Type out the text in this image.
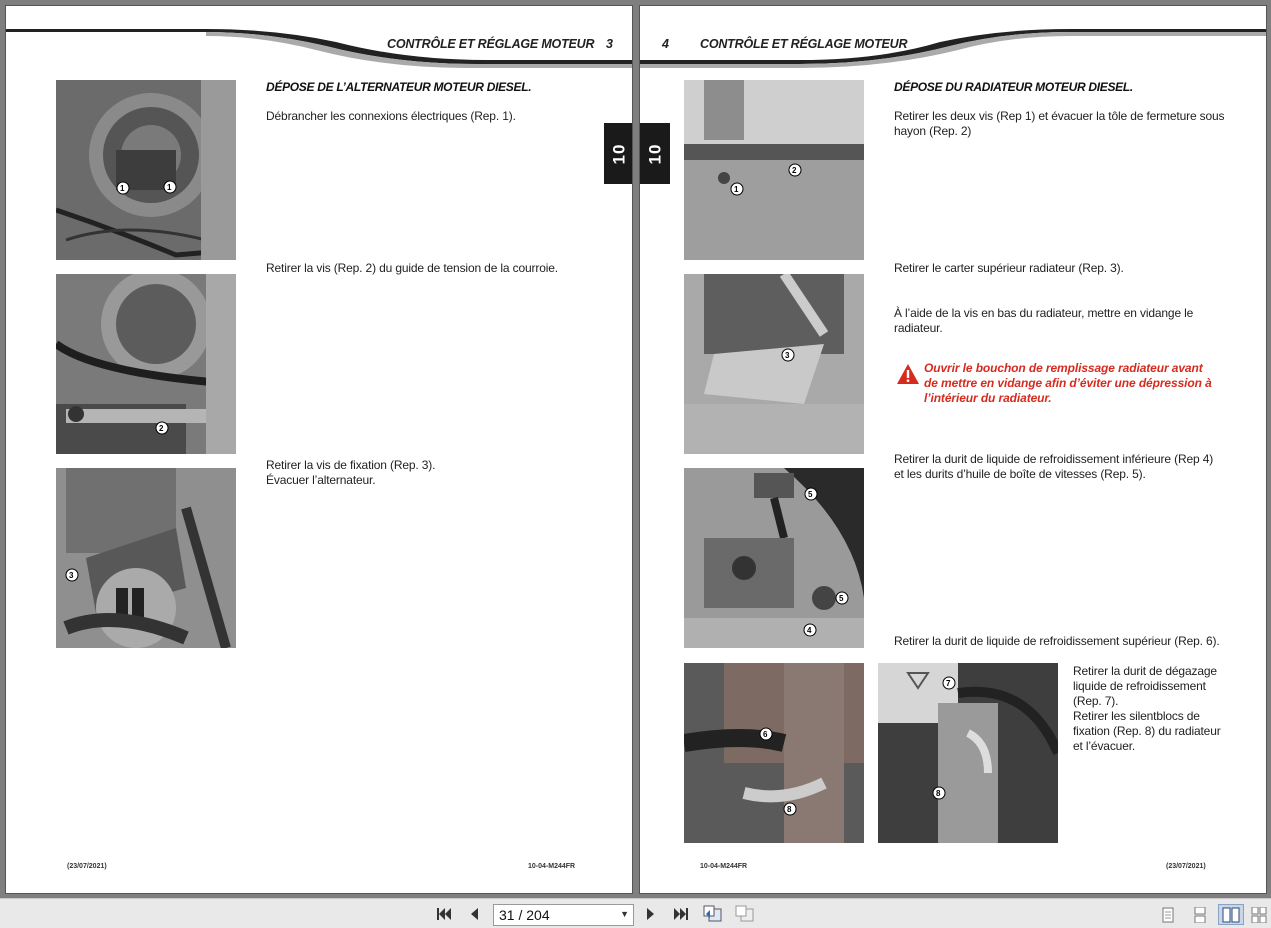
CONTRÔLE ET RÉGLAGE MOTEUR 3
10
1	1
DÉPOSE DE L’ALTERNATEUR MOTEUR DIESEL.
Débrancher les connexions électriques (Rep. 1).
2
Retirer la vis (Rep. 2) du guide de tension de la courroie.
3
Retirer la vis de fixation (Rep. 3).
Évacuer l’alternateur.
(23/07/2021)	10-04-M244FR
4 CONTRÔLE ET RÉGLAGE MOTEUR
10
1
2
DÉPOSE DU RADIATEUR MOTEUR DIESEL.
Retirer les deux vis (Rep 1) et évacuer la tôle de fermeture sous
hayon (Rep. 2)
3
Retirer le carter supérieur radiateur (Rep. 3).
À l’aide de la vis en bas du radiateur, mettre en vidange le
radiateur.
Ouvrir le bouchon de remplissage radiateur avant
de mettre en vidange afin d’éviter une dépression à
l’intérieur du radiateur.
5
5
4
Retirer la durit de liquide de refroidissement inférieure (Rep 4)
et les durits d’huile de boîte de vitesses (Rep. 5).
Retirer la durit de liquide de refroidissement supérieur (Rep. 6).
6
8
7
8
Retirer la durit de dégazage
liquide de refroidissement
(Rep. 7).
Retirer les silentblocs de
fixation (Rep. 8) du radiateur
et l’évacuer.
10-04-M244FR	(23/07/2021)
31 / 204	▼
